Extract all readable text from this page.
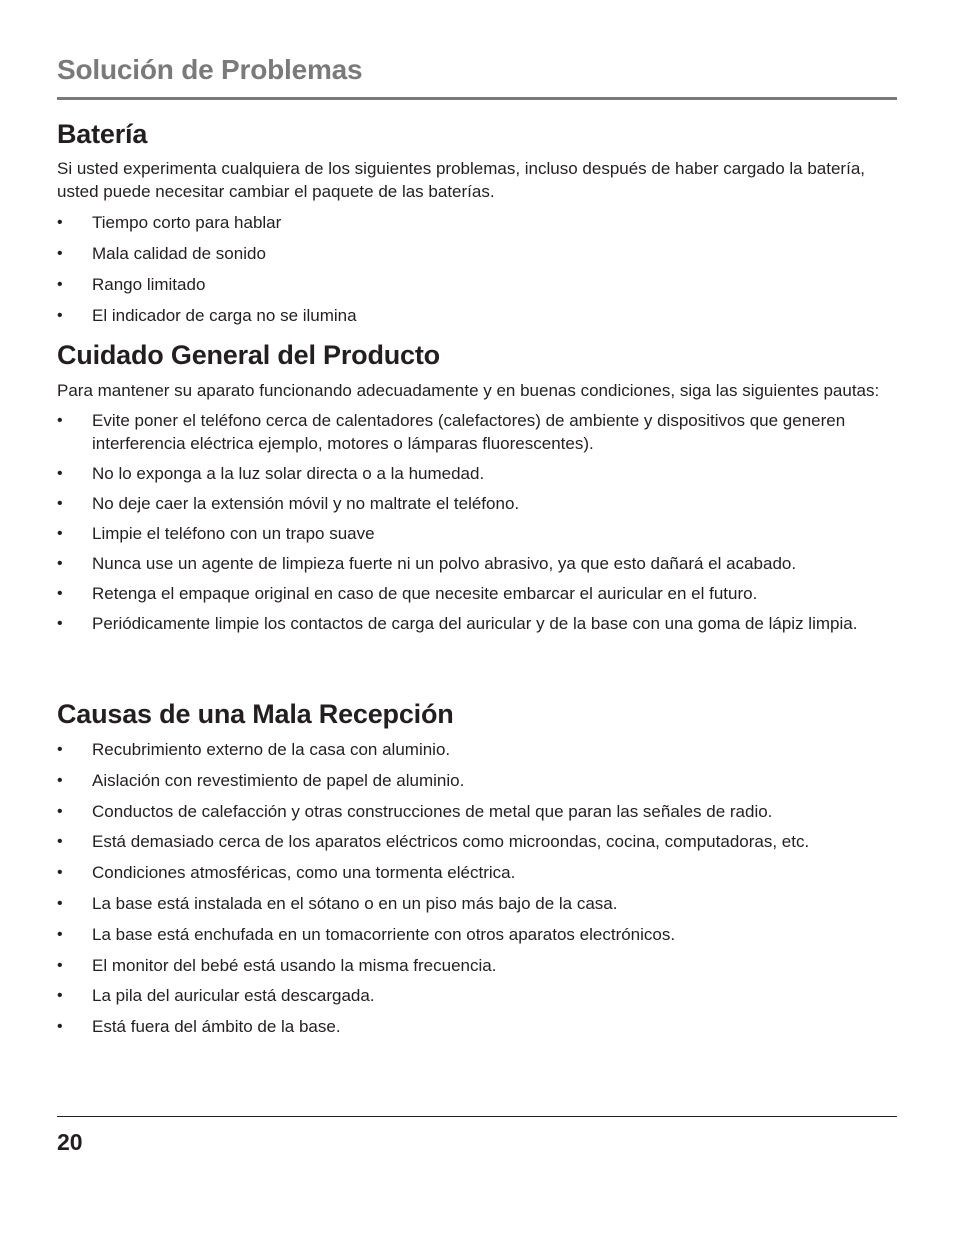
Solución de Problemas
Batería

Si usted experimenta cualquiera de los siguientes problemas, incluso después de haber cargado la batería, usted puede necesitar cambiar el paquete de las baterías.

• Tiempo corto para hablar
• Mala calidad de sonido
• Rango limitado
• El indicador de carga no se ilumina
Cuidado General del Producto

Para mantener su aparato funcionando adecuadamente y en buenas condiciones, siga las siguientes pautas:

• Evite poner el teléfono cerca de calentadores (calefactores) de ambiente y dispositivos que generen interferencia eléctrica ejemplo, motores o lámparas fluorescentes).
• No lo exponga a la luz solar directa o a la humedad.
• No deje caer la extensión móvil y no maltrate el teléfono.
• Limpie el teléfono con un trapo suave
• Nunca use un agente de limpieza fuerte ni un polvo abrasivo, ya que esto dañará el acabado.
• Retenga el empaque original en caso de que necesite embarcar el auricular en el futuro.
• Periódicamente limpie los contactos de carga del auricular y de la base con una goma de lápiz limpia.
Causas de una Mala Recepción
• Recubrimiento externo de la casa con aluminio.
• Aislación con revestimiento de papel de aluminio.
• Conductos de calefacción y otras construcciones de metal que paran las señales de radio.
• Está demasiado cerca de los aparatos eléctricos como microondas, cocina, computadoras, etc.
• Condiciones atmosféricas, como una tormenta eléctrica.
• La base está instalada en el sótano o en un piso más bajo de la casa.
• La base está enchufada en un tomacorriente con otros aparatos electrónicos.
• El monitor del bebé está usando la misma frecuencia.
• La pila del auricular está descargada.
• Está fuera del ámbito de la base.
20
